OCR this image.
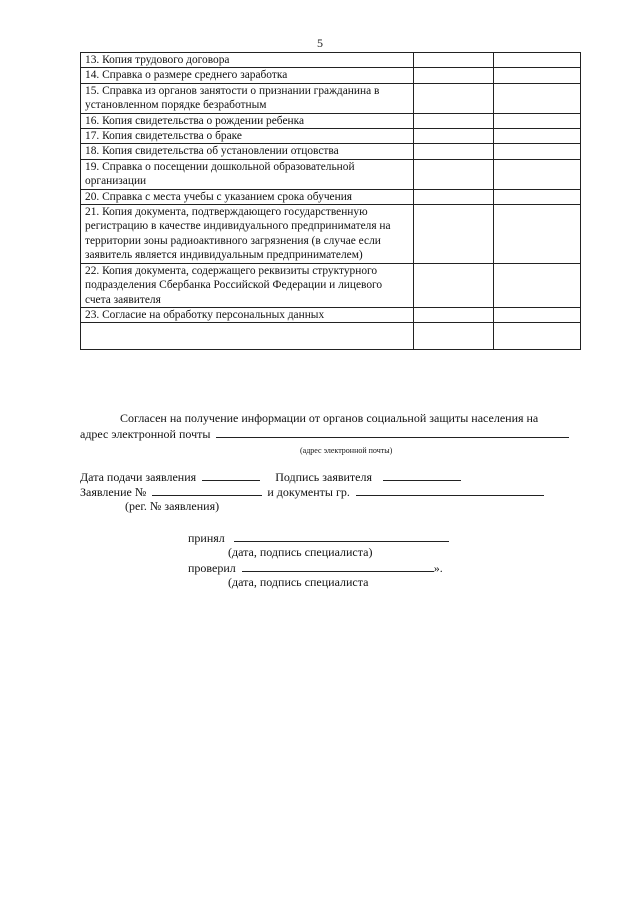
5
13. Копия трудового договора		
14. Справка о размере среднего заработка		
15. Справка из органов занятости о признании гражданина в установленном порядке безработным		
16. Копия свидетельства о рождении ребенка		
17. Копия свидетельства о браке		
18. Копия свидетельства об установлении отцовства		
19. Справка о посещении дошкольной образовательной организации		
20. Справка с места учебы с указанием срока обучения		
21. Копия документа, подтверждающего государственную регистрацию в качестве индивидуального предпринимателя на территории зоны радиоактивного загрязнения (в случае если заявитель является индивидуальным предпринимателем)		
22. Копия документа, содержащего реквизиты структурного подразделения Сбербанка Российской Федерации и лицевого счета заявителя		
23. Согласие на обработку персональных данных		

Согласен на получение информации от органов социальной защиты населения на
адрес электронной почты
(адрес электронной почты)
Дата подачи заявления	Подпись заявителя
Заявление №	и документы гр.
(рег. № заявления)
принял
(дата, подпись специалиста)
проверил	».
(дата, подпись специалиста
